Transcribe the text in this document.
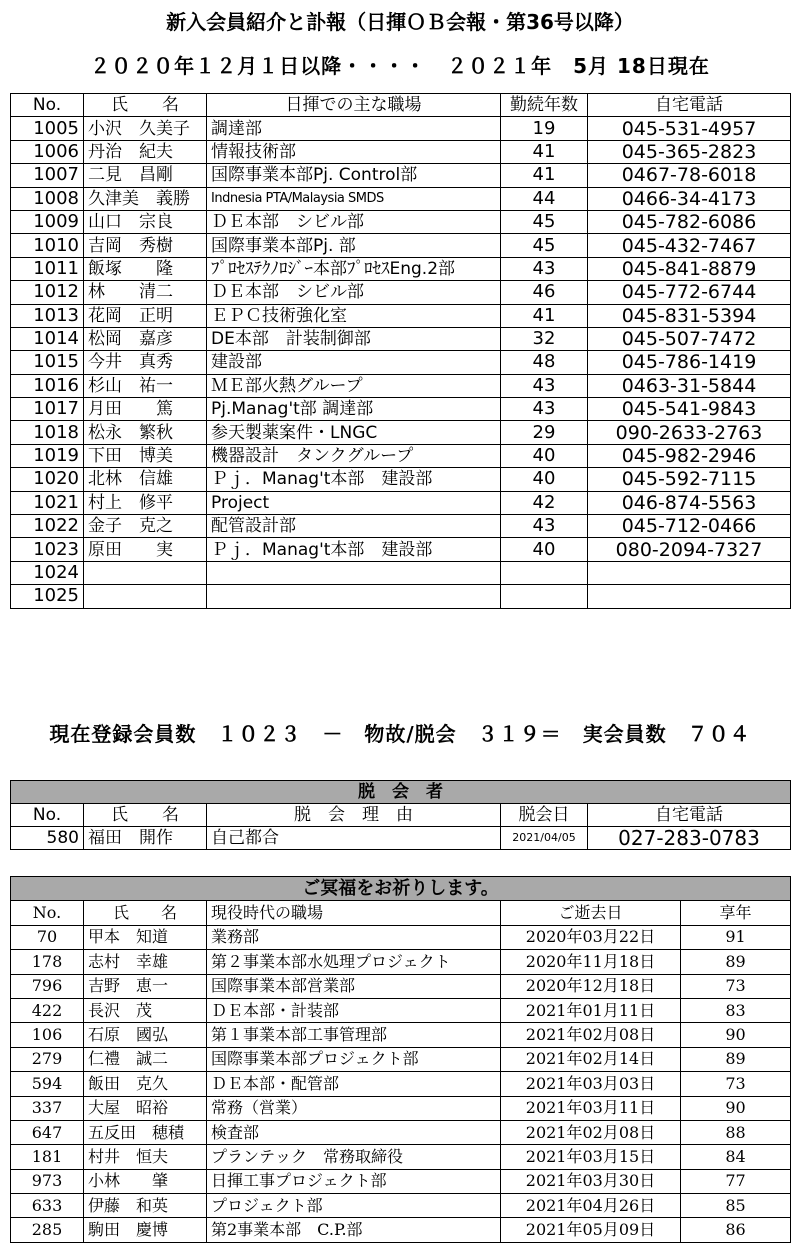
新入会員紹介と訃報（日揮ＯＢ会報・第36号以降）
２０２０年１２月１日以降・・・・　２０２１年　5月 18日現在
No.	氏　　名	日揮での主な職場	勤続年数	自宅電話
1005	小沢　久美子	調達部	19	045-531-4957
1006	丹治　紀夫	情報技術部	41	045-365-2823
1007	二見　昌剛	国際事業本部Pj. Control部	41	0467-78-6018
1008	久津美　義勝	Indnesia PTA/Malaysia SMDS	44	0466-34-4173
1009	山口　宗良	ＤＥ本部　シビル部	45	045-782-6086
1010	吉岡　秀樹	国際事業本部Pj. 部	45	045-432-7467
1011	飯塚　　隆	ﾌﾟﾛｾｽﾃｸﾉﾛｼﾞｰ本部ﾌﾟﾛｾｽEng.2部	43	045-841-8879
1012	林　　清二	ＤＥ本部　シビル部	46	045-772-6744
1013	花岡　正明	ＥＰＣ技術強化室	41	045-831-5394
1014	松岡　嘉彦	DE本部　計装制御部	32	045-507-7472
1015	今井　真秀	建設部	48	045-786-1419
1016	杉山　祐一	ＭＥ部火熱グループ	43	0463-31-5844
1017	月田　　篤	Pj.Manag't部 調達部	43	045-541-9843
1018	松永　繁秋	参天製薬案件・LNGC	29	090-2633-2763
1019	下田　博美	機器設計　タンクグループ	40	045-982-2946
1020	北林　信雄	Ｐｊ．Manag't本部　建設部	40	045-592-7115
1021	村上　修平	Project	42	046-874-5563
1022	金子　克之	配管設計部	43	045-712-0466
1023	原田　　実	Ｐｊ．Manag't本部　建設部	40	080-2094-7327
1024				
1025				
現在登録会員数　１０２３　－　物故/脱会　３１９＝　実会員数　７０４
脱　会　者				
No.	氏　　名	脱　会　理　由	脱会日	自宅電話
580	福田　開作	自己都合	2021/04/05	027-283-0783
ご冥福をお祈りします。				
No.	氏　　名	現役時代の職場	ご逝去日	享年
70	甲本　知道	業務部	2020年03月22日	91
178	志村　幸雄	第２事業本部水処理プロジェクト	2020年11月18日	89
796	吉野　恵一	国際事業本部営業部	2020年12月18日	73
422	長沢　茂	ＤＥ本部・計装部	2021年01月11日	83
106	石原　國弘	第１事業本部工事管理部	2021年02月08日	90
279	仁禮　誠二	国際事業本部プロジェクト部	2021年02月14日	89
594	飯田　克久	ＤＥ本部・配管部	2021年03月03日	73
337	大屋　昭裕	常務（営業）	2021年03月11日	90
647	五反田　穂積	検査部	2021年02月08日	88
181	村井　恒夫	プランテック　常務取締役	2021年03月15日	84
973	小林　　肇	日揮工事プロジェクト部	2021年03月30日	77
633	伊藤　和英	プロジェクト部	2021年04月26日	85
285	駒田　慶博	第2事業本部　C.P.部	2021年05月09日	86
